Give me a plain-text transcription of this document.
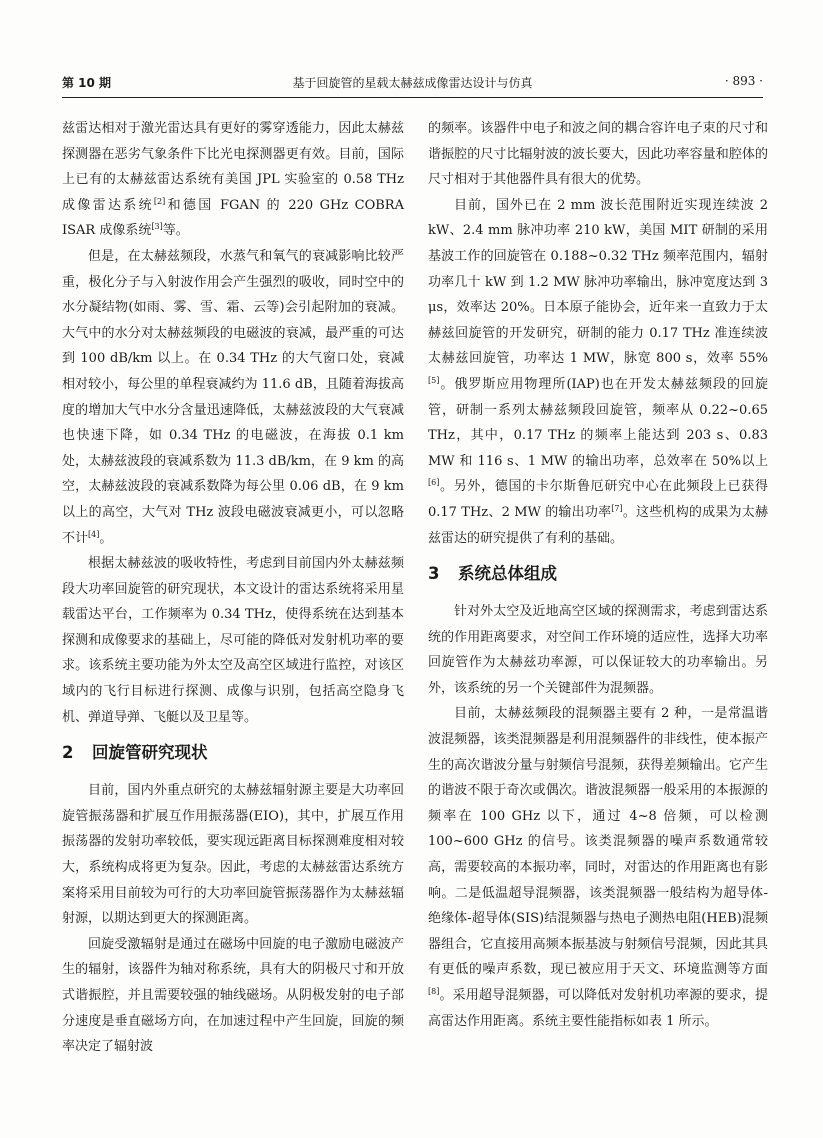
第 10 期	基于回旋管的星载太赫兹成像雷达设计与仿真	· 893 ·

兹雷达相对于激光雷达具有更好的雾穿透能力，因此太赫兹探测器在恶劣气象条件下比光电探测器更有效。目前，国际上已有的太赫兹雷达系统有美国 JPL 实验室的 0.58 THz 成像雷达系统[2]和德国 FGAN 的 220 GHz COBRA ISAR 成像系统[3]等。

但是，在太赫兹频段，水蒸气和氧气的衰减影响比较严重，极化分子与入射波作用会产生强烈的吸收，同时空中的水分凝结物(如雨、雾、雪、霜、云等)会引起附加的衰减。大气中的水分对太赫兹频段的电磁波的衰减，最严重的可达到 100 dB/km 以上。在 0.34 THz 的大气窗口处，衰减相对较小，每公里的单程衰减约为 11.6 dB，且随着海拔高度的增加大气中水分含量迅速降低，太赫兹波段的大气衰减也快速下降，如 0.34 THz 的电磁波，在海拔 0.1 km 处，太赫兹波段的衰减系数为 11.3 dB/km，在 9 km 的高空，太赫兹波段的衰减系数降为每公里 0.06 dB，在 9 km 以上的高空，大气对 THz 波段电磁波衰减更小，可以忽略不计[4]。

根据太赫兹波的吸收特性，考虑到目前国内外太赫兹频段大功率回旋管的研究现状，本文设计的雷达系统将采用星载雷达平台，工作频率为 0.34 THz，使得系统在达到基本探测和成像要求的基础上，尽可能的降低对发射机功率的要求。该系统主要功能为外太空及高空区域进行监控，对该区域内的飞行目标进行探测、成像与识别，包括高空隐身飞机、弹道导弹、飞艇以及卫星等。

2 回旋管研究现状

目前，国内外重点研究的太赫兹辐射源主要是大功率回旋管振荡器和扩展互作用振荡器(EIO)，其中，扩展互作用振荡器的发射功率较低，要实现远距离目标探测难度相对较大，系统构成将更为复杂。因此，考虑的太赫兹雷达系统方案将采用目前较为可行的大功率回旋管振荡器作为太赫兹辐射源，以期达到更大的探测距离。

回旋受激辐射是通过在磁场中回旋的电子激励电磁波产生的辐射，该器件为轴对称系统，具有大的阴极尺寸和开放式谐振腔，并且需要较强的轴线磁场。从阴极发射的电子部分速度是垂直磁场方向，在加速过程中产生回旋，回旋的频率决定了辐射波

的频率。该器件中电子和波之间的耦合容许电子束的尺寸和谐振腔的尺寸比辐射波的波长要大，因此功率容量和腔体的尺寸相对于其他器件具有很大的优势。

目前，国外已在 2 mm 波长范围附近实现连续波 2 kW、2.4 mm 脉冲功率 210 kW，美国 MIT 研制的采用基波工作的回旋管在 0.188~0.32 THz 频率范围内，辐射功率几十 kW 到 1.2 MW 脉冲功率输出，脉冲宽度达到 3 μs，效率达 20%。日本原子能协会，近年来一直致力于太赫兹回旋管的开发研究，研制的能力 0.17 THz 准连续波太赫兹回旋管，功率达 1 MW，脉宽 800 s，效率 55%[5]。俄罗斯应用物理所(IAP)也在开发太赫兹频段的回旋管，研制一系列太赫兹频段回旋管，频率从 0.22~0.65 THz，其中，0.17 THz 的频率上能达到 203 s、0.83 MW 和 116 s、1 MW 的输出功率，总效率在 50%以上[6]。另外，德国的卡尔斯鲁厄研究中心在此频段上已获得 0.17 THz、2 MW 的输出功率[7]。这些机构的成果为太赫兹雷达的研究提供了有利的基础。

3 系统总体组成

针对外太空及近地高空区域的探测需求，考虑到雷达系统的作用距离要求，对空间工作环境的适应性，选择大功率回旋管作为太赫兹功率源，可以保证较大的功率输出。另外，该系统的另一个关键部件为混频器。

目前，太赫兹频段的混频器主要有 2 种，一是常温谐波混频器，该类混频器是利用混频器件的非线性，使本振产生的高次谐波分量与射频信号混频，获得差频输出。它产生的谐波不限于奇次或偶次。谐波混频器一般采用的本振源的频率在 100 GHz 以下，通过 4~8 倍频，可以检测 100~600 GHz 的信号。该类混频器的噪声系数通常较高，需要较高的本振功率，同时，对雷达的作用距离也有影响。二是低温超导混频器，该类混频器一般结构为超导体-绝缘体-超导体(SIS)结混频器与热电子测热电阻(HEB)混频器组合，它直接用高频本振基波与射频信号混频，因此其具有更低的噪声系数，现已被应用于天文、环境监测等方面[8]。采用超导混频器，可以降低对发射机功率源的要求，提高雷达作用距离。系统主要性能指标如表 1 所示。
